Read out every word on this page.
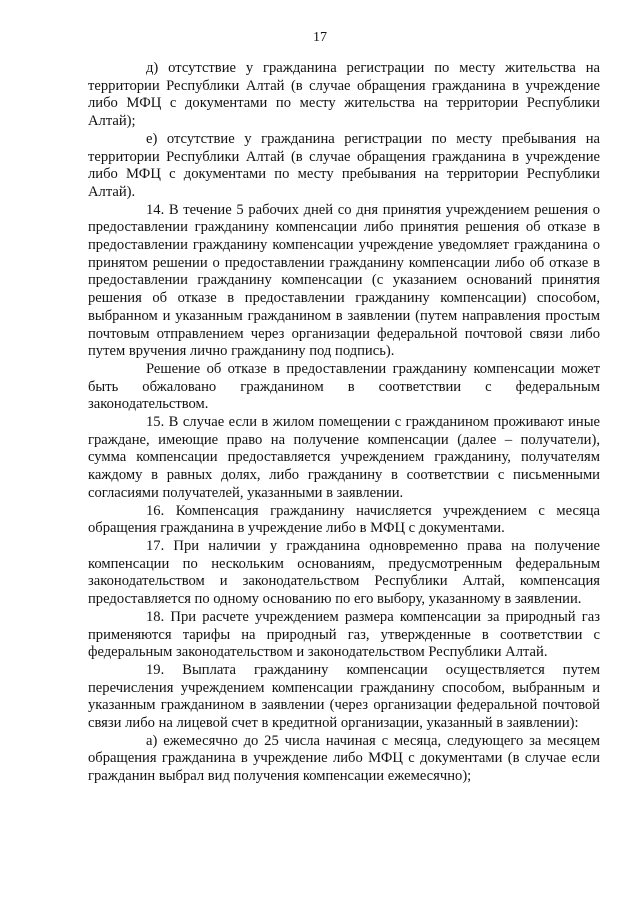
17

д) отсутствие у гражданина регистрации по месту жительства на территории Республики Алтай (в случае обращения гражданина в учреждение либо МФЦ с документами по месту жительства на территории Республики Алтай);

е) отсутствие у гражданина регистрации по месту пребывания на территории Республики Алтай (в случае обращения гражданина в учреждение либо МФЦ с документами по месту пребывания на территории Республики Алтай).

14. В течение 5 рабочих дней со дня принятия учреждением решения о предоставлении гражданину компенсации либо принятия решения об отказе в предоставлении гражданину компенсации учреждение уведомляет гражданина о принятом решении о предоставлении гражданину компенсации либо об отказе в предоставлении гражданину компенсации (с указанием оснований принятия решения об отказе в предоставлении гражданину компенсации) способом, выбранном и указанным гражданином в заявлении (путем направления простым почтовым отправлением через организации федеральной почтовой связи либо путем вручения лично гражданину под подпись).

Решение об отказе в предоставлении гражданину компенсации может быть обжаловано гражданином в соответствии с федеральным законодательством.

15. В случае если в жилом помещении с гражданином проживают иные граждане, имеющие право на получение компенсации (далее – получатели), сумма компенсации предоставляется учреждением гражданину, получателям каждому в равных долях, либо гражданину в соответствии с письменными согласиями получателей, указанными в заявлении.

16. Компенсация гражданину начисляется учреждением с месяца обращения гражданина в учреждение либо в МФЦ с документами.

17. При наличии у гражданина одновременно права на получение компенсации по нескольким основаниям, предусмотренным федеральным законодательством и законодательством Республики Алтай, компенсация предоставляется по одному основанию по его выбору, указанному в заявлении.

18. При расчете учреждением размера компенсации за природный газ применяются тарифы на природный газ, утвержденные в соответствии с федеральным законодательством и законодательством Республики Алтай.

19. Выплата гражданину компенсации осуществляется путем перечисления учреждением компенсации гражданину способом, выбранным и указанным гражданином в заявлении (через организации федеральной почтовой связи либо на лицевой счет в кредитной организации, указанный в заявлении):

а) ежемесячно до 25 числа начиная с месяца, следующего за месяцем обращения гражданина в учреждение либо МФЦ с документами (в случае если гражданин выбрал вид получения компенсации ежемесячно);
